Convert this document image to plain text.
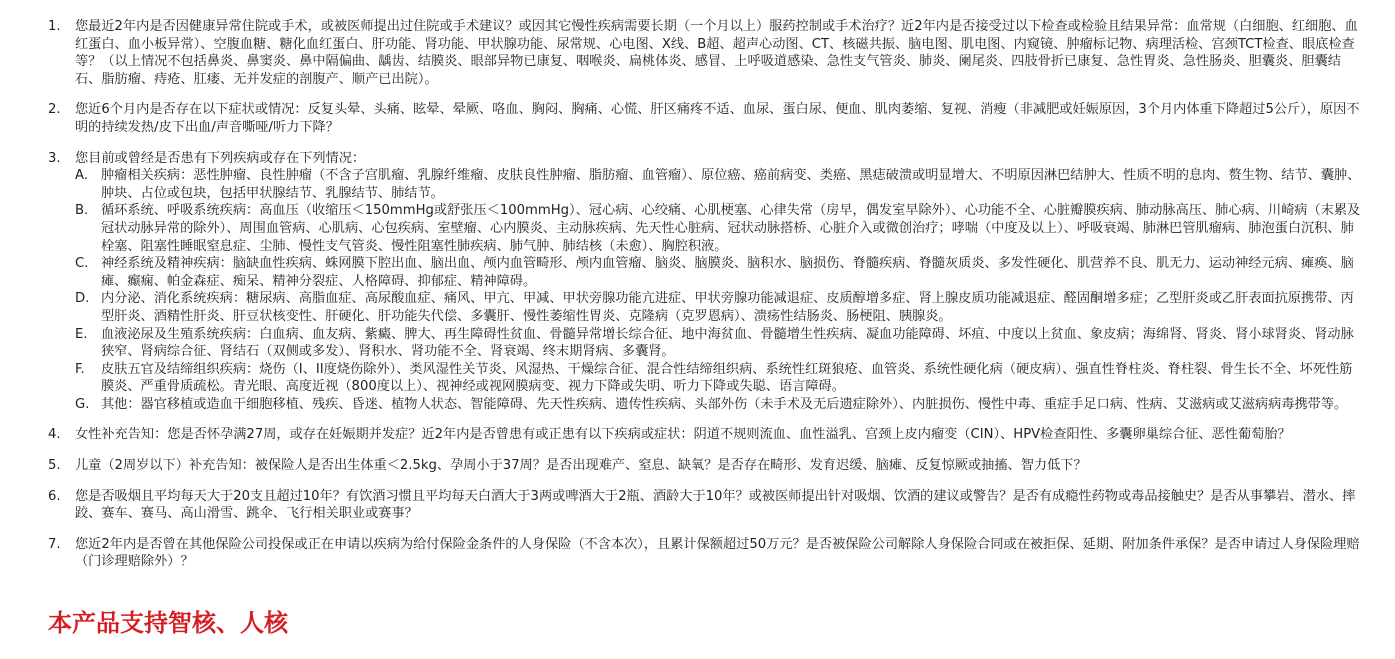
1.	您最近2年内是否因健康异常住院或手术，或被医师提出过住院或手术建议？或因其它慢性疾病需要长期（一个月以上）服药控制或手术治疗？近2年内是否接受过以下检查或检验且结果异常：血常规（白细胞、红细胞、血红蛋白、血小板异常）、空腹血糖、糖化血红蛋白、肝功能、肾功能、甲状腺功能、尿常规、心电图、X线、B超、超声心动图、CT、核磁共振、脑电图、肌电图、内窥镜、肿瘤标记物、病理活检、宫颈TCT检查、眼底检查等？（以上情况不包括鼻炎、鼻窦炎、鼻中隔偏曲、龋齿、结膜炎、眼部异物已康复、咽喉炎、扁桃体炎、感冒、上呼吸道感染、急性支气管炎、肺炎、阑尾炎、四肢骨折已康复、急性胃炎、急性肠炎、胆囊炎、胆囊结石、脂肪瘤、痔疮、肛瘘、无并发症的剖腹产、顺产已出院）。
2.	您近6个月内是否存在以下症状或情况：反复头晕、头痛、眩晕、晕厥、咯血、胸闷、胸痛、心慌、肝区痛疼不适、血尿、蛋白尿、便血、肌肉萎缩、复视、消瘦（非减肥或妊娠原因，3个月内体重下降超过5公斤），原因不明的持续发热/皮下出血/声音嘶哑/听力下降？
3.	您目前或曾经是否患有下列疾病或存在下列情况：
A. 肿瘤相关疾病：恶性肿瘤、良性肿瘤（不含子宫肌瘤、乳腺纤维瘤、皮肤良性肿瘤、脂肪瘤、血管瘤）、原位癌、癌前病变、类癌、黑痣破溃或明显增大、不明原因淋巴结肿大、性质不明的息肉、赘生物、结节、囊肿、肿块、占位或包块，包括甲状腺结节、乳腺结节、肺结节。
B. 循环系统、呼吸系统疾病：高血压（收缩压＜150mmHg或舒张压＜100mmHg）、冠心病、心绞痛、心肌梗塞、心律失常（房早，偶发室早除外）、心功能不全、心脏瓣膜疾病、肺动脉高压、肺心病、川崎病（末累及冠状动脉异常的除外）、周围血管病、心肌病、心包疾病、室壁瘤、心内膜炎、主动脉疾病、先天性心脏病、冠状动脉搭桥、心脏介入或微创治疗；哮喘（中度及以上）、呼吸衰竭、肺淋巴管肌瘤病、肺泡蛋白沉积、肺栓塞、阻塞性睡眠窒息症、尘肺、慢性支气管炎、慢性阻塞性肺疾病、肺气肿、肺结核（未愈）、胸腔积液。
C. 神经系统及精神疾病：脑缺血性疾病、蛛网膜下腔出血、脑出血、颅内血管畸形、颅内血管瘤、脑炎、脑膜炎、脑积水、脑损伤、脊髓疾病、脊髓灰质炎、多发性硬化、肌营养不良、肌无力、运动神经元病、瘫痪、脑瘫、癫痫、帕金森症、痴呆、精神分裂症、人格障碍、抑郁症、精神障碍。
D. 内分泌、消化系统疾病：糖尿病、高脂血症、高尿酸血症、痛风、甲亢、甲减、甲状旁腺功能亢进症、甲状旁腺功能减退症、皮质醇增多症、肾上腺皮质功能减退症、醛固酮增多症；乙型肝炎或乙肝表面抗原携带、丙型肝炎、酒精性肝炎、肝豆状核变性、肝硬化、肝功能失代偿、多囊肝、慢性萎缩性胃炎、克隆病（克罗恩病）、溃疡性结肠炎、肠梗阻、胰腺炎。
E.	血液泌尿及生殖系统疾病：白血病、血友病、紫癜、脾大、再生障碍性贫血、骨髓异常增长综合征、地中海贫血、骨髓增生性疾病、凝血功能障碍、坏疽、中度以上贫血、象皮病；海绵肾、肾炎、肾小球肾炎、肾动脉狭窄、肾病综合征、肾结石（双侧或多发）、肾积水、肾功能不全、肾衰竭、终末期肾病、多囊肾。
F.	皮肤五官及结缔组织疾病：烧伤（I、II度烧伤除外）、类风湿性关节炎、风湿热、干燥综合征、混合性结缔组织病、系统性红斑狼疮、血管炎、系统性硬化病（硬皮病）、强直性脊柱炎、脊柱裂、骨生长不全、坏死性筋膜炎、严重骨质疏松。青光眼、高度近视（800度以上）、视神经或视网膜病变、视力下降或失明、听力下降或失聪、语言障碍。
G. 其他：器官移植或造血干细胞移植、残疾、昏迷、植物人状态、智能障碍、先天性疾病、遗传性疾病、头部外伤（未手术及无后遗症除外）、内脏损伤、慢性中毒、重症手足口病、性病、艾滋病或艾滋病病毒携带等。
4.	女性补充告知：您是否怀孕满27周，或存在妊娠期并发症？近2年内是否曾患有或正患有以下疾病或症状：阴道不规则流血、血性溢乳、宫颈上皮内瘤变（CIN）、HPV检查阳性、多囊卵巢综合征、恶性葡萄胎？
5.	儿童（2周岁以下）补充告知：被保险人是否出生体重＜2.5kg、孕周小于37周？是否出现难产、窒息、缺氧？是否存在畸形、发育迟缓、脑瘫、反复惊厥或抽搐、智力低下？
6.	您是否吸烟且平均每天大于20支且超过10年？有饮酒习惯且平均每天白酒大于3两或啤酒大于2瓶、酒龄大于10年？或被医师提出针对吸烟、饮酒的建议或警告？是否有成瘾性药物或毒品接触史？是否从事攀岩、潜水、摔跤、赛车、赛马、高山滑雪、跳伞、飞行相关职业或赛事？
7.	您近2年内是否曾在其他保险公司投保或正在申请以疾病为给付保险金条件的人身保险（不含本次），且累计保额超过50万元？是否被保险公司解除人身保险合同或在被拒保、延期、附加条件承保？是否申请过人身保险理赔（门诊理赔除外）？

本产品支持智核、人核
